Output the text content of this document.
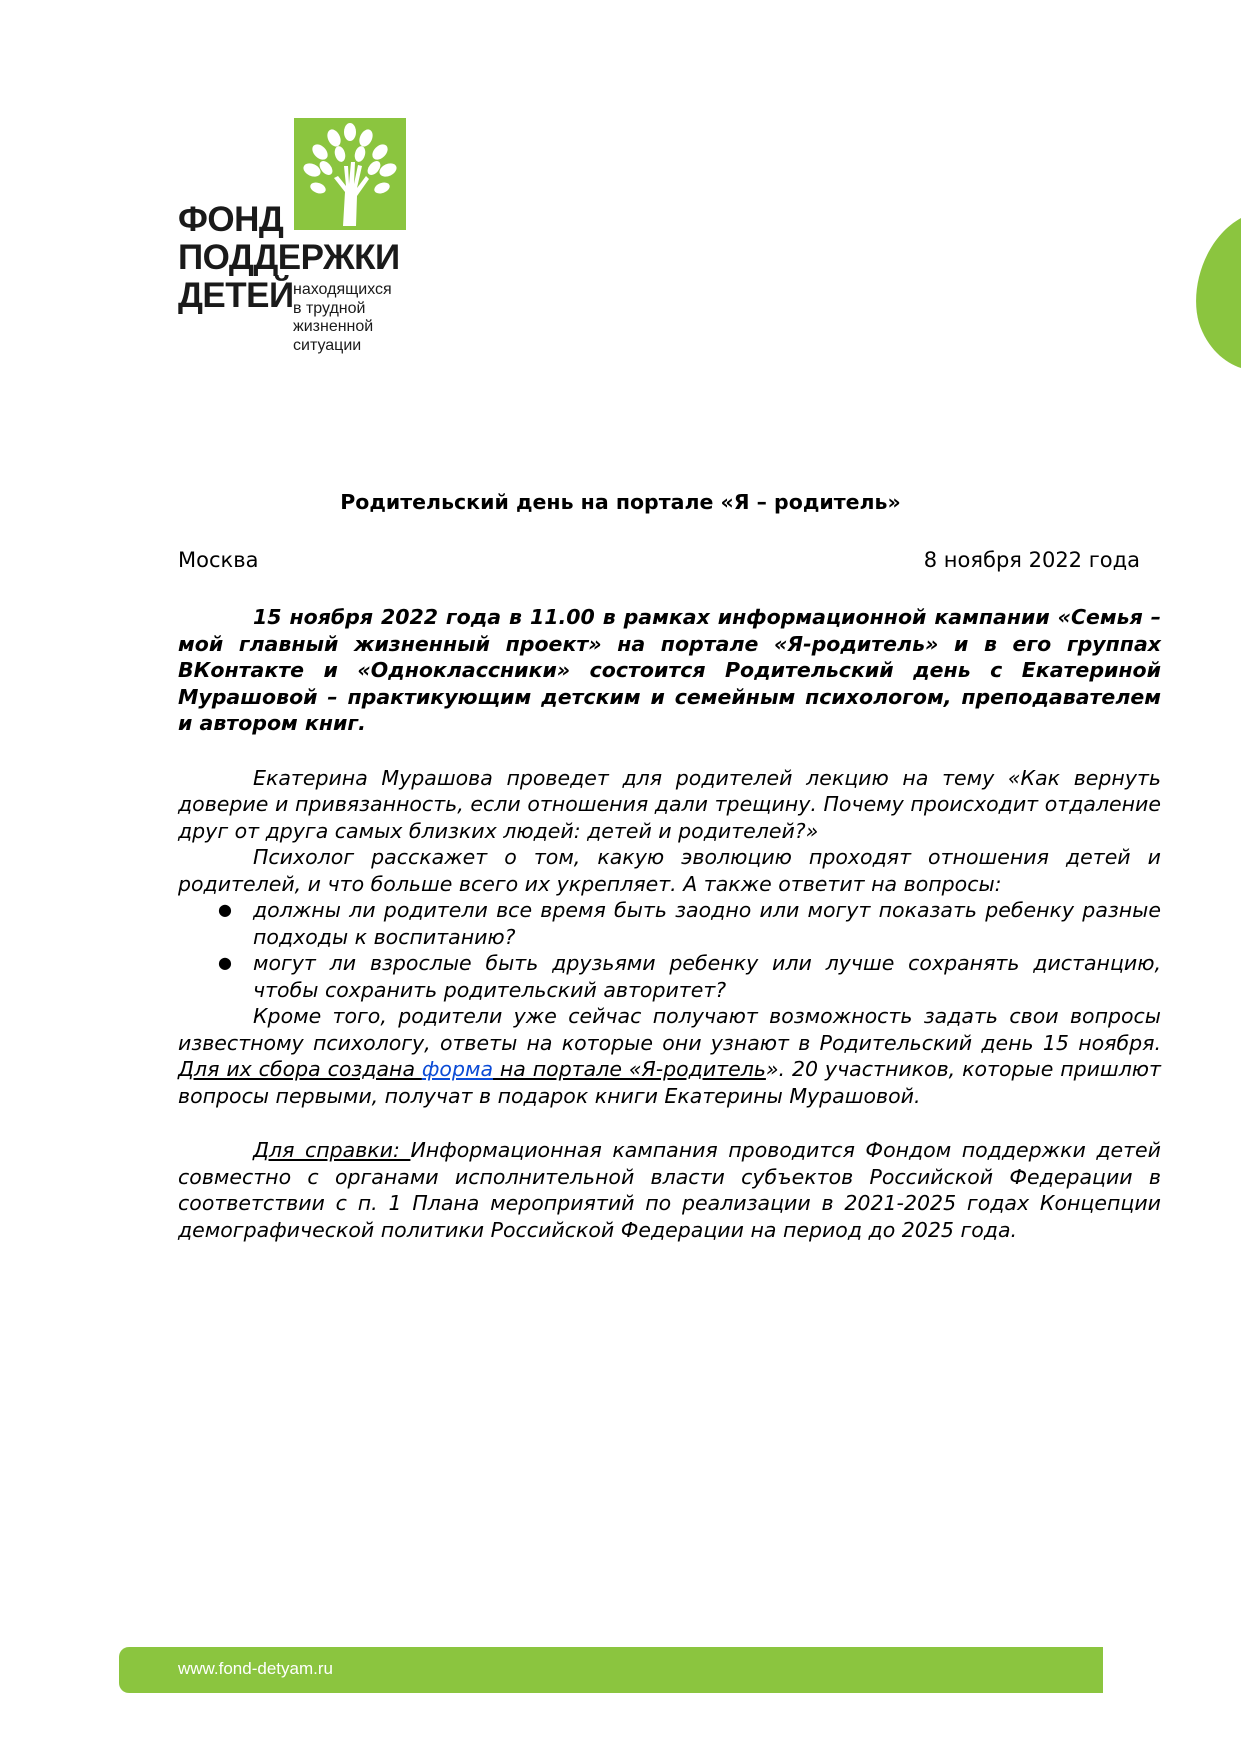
ФОНД
ПОДДЕРЖКИ
ДЕТЕЙ находящихся
в трудной
жизненной
ситуации
Родительский день на портале «Я – родитель»
Москва	8 ноября 2022 года

15 ноября 2022 года в 11.00 в рамках информационной кампании «Семья – мой главный жизненный проект» на портале «Я-родитель» и в его группах ВКонтакте и «Одноклассники» состоится Родительский день с Екатериной Мурашовой – практикующим детским и семейным психологом, преподавателем и автором книг.

Екатерина Мурашова проведет для родителей лекцию на тему «Как вернуть доверие и привязанность, если отношения дали трещину. Почему происходит отдаление друг от друга самых близких людей: детей и родителей?»

Психолог расскажет о том, какую эволюцию проходят отношения детей и родителей, и что больше всего их укрепляет. А также ответит на вопросы:

● должны ли родители все время быть заодно или могут показать ребенку разные подходы к воспитанию?
● могут ли взрослые быть друзьями ребенку или лучше сохранять дистанцию, чтобы сохранить родительский авторитет?

Кроме того, родители уже сейчас получают возможность задать свои вопросы известному психологу, ответы на которые они узнают в Родительский день 15 ноября. Для их сбора создана форма на портале «Я-родитель». 20 участников, которые пришлют вопросы первыми, получат в подарок книги Екатерины Мурашовой.

Для справки: Информационная кампания проводится Фондом поддержки детей совместно с органами исполнительной власти субъектов Российской Федерации в соответствии с п. 1 Плана мероприятий по реализации в 2021-2025 годах Концепции демографической политики Российской Федерации на период до 2025 года.

www.fond-detyam.ru
